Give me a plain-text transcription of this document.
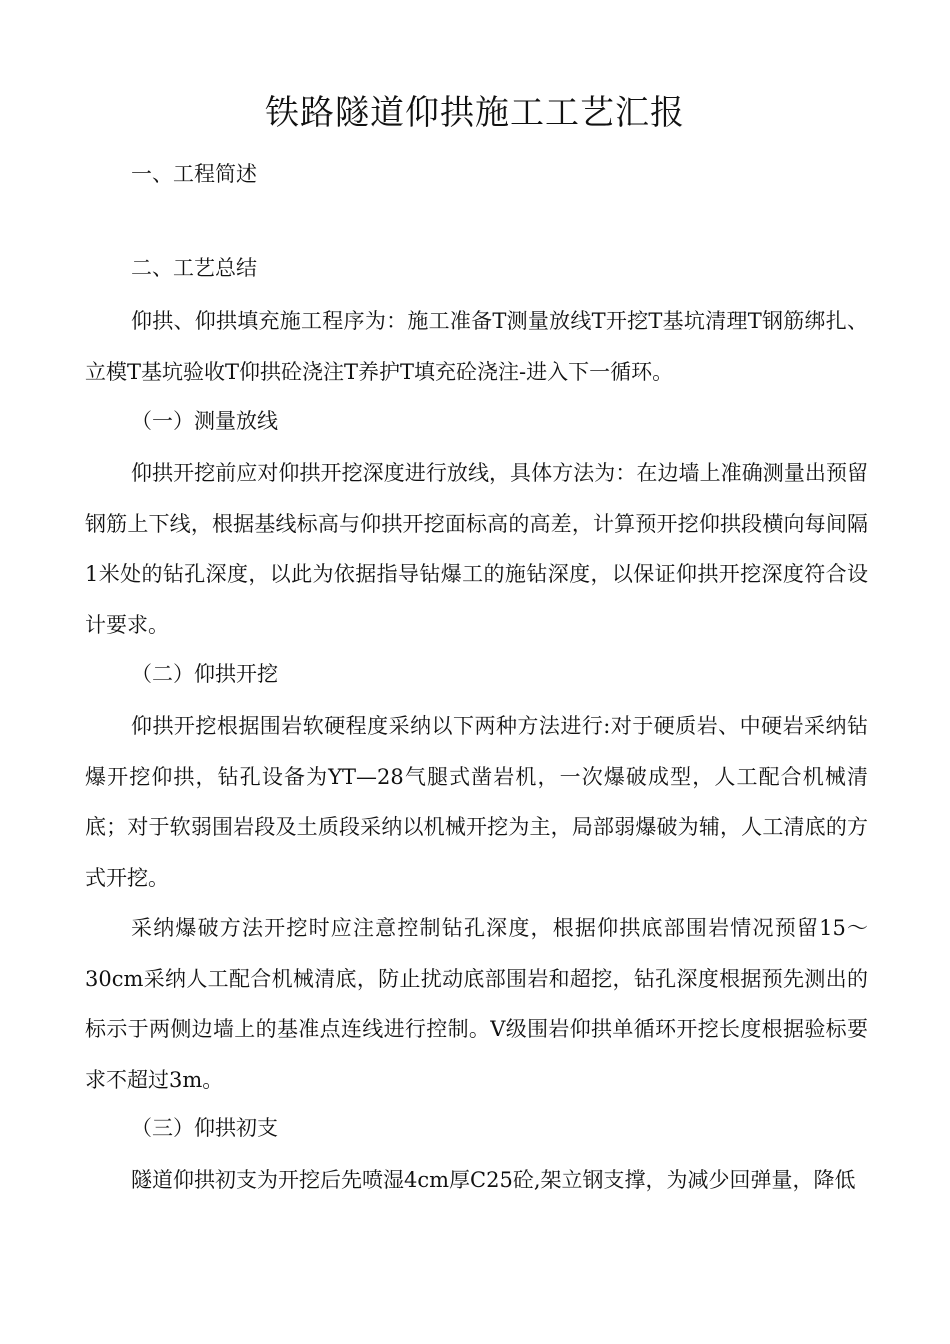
铁路隧道仰拱施工工艺汇报
一、工程简述
二、工艺总结
仰拱、仰拱填充施工程序为：施工准备T测量放线T开挖T基坑清理T钢筋绑扎、立模T基坑验收T仰拱砼浇注T养护T填充砼浇注-进入下一循环。
（一）测量放线
仰拱开挖前应对仰拱开挖深度进行放线，具体方法为：在边墙上准确测量出预留钢筋上下线，根据基线标高与仰拱开挖面标高的高差，计算预开挖仰拱段横向每间隔1米处的钻孔深度，以此为依据指导钻爆工的施钻深度，以保证仰拱开挖深度符合设计要求。
（二）仰拱开挖
仰拱开挖根据围岩软硬程度采纳以下两种方法进行:对于硬质岩、中硬岩采纳钻爆开挖仰拱，钻孔设备为YT—28气腿式凿岩机，一次爆破成型，人工配合机械清底；对于软弱围岩段及土质段采纳以机械开挖为主，局部弱爆破为辅，人工清底的方式开挖。
采纳爆破方法开挖时应注意控制钻孔深度，根据仰拱底部围岩情况预留15〜30cm采纳人工配合机械清底，防止扰动底部围岩和超挖，钻孔深度根据预先测出的标示于两侧边墙上的基准点连线进行控制。V级围岩仰拱单循环开挖长度根据验标要求不超过3m。
（三）仰拱初支
隧道仰拱初支为开挖后先喷湿4cm厚C25砼,架立钢支撑，为减少回弹量，降低
